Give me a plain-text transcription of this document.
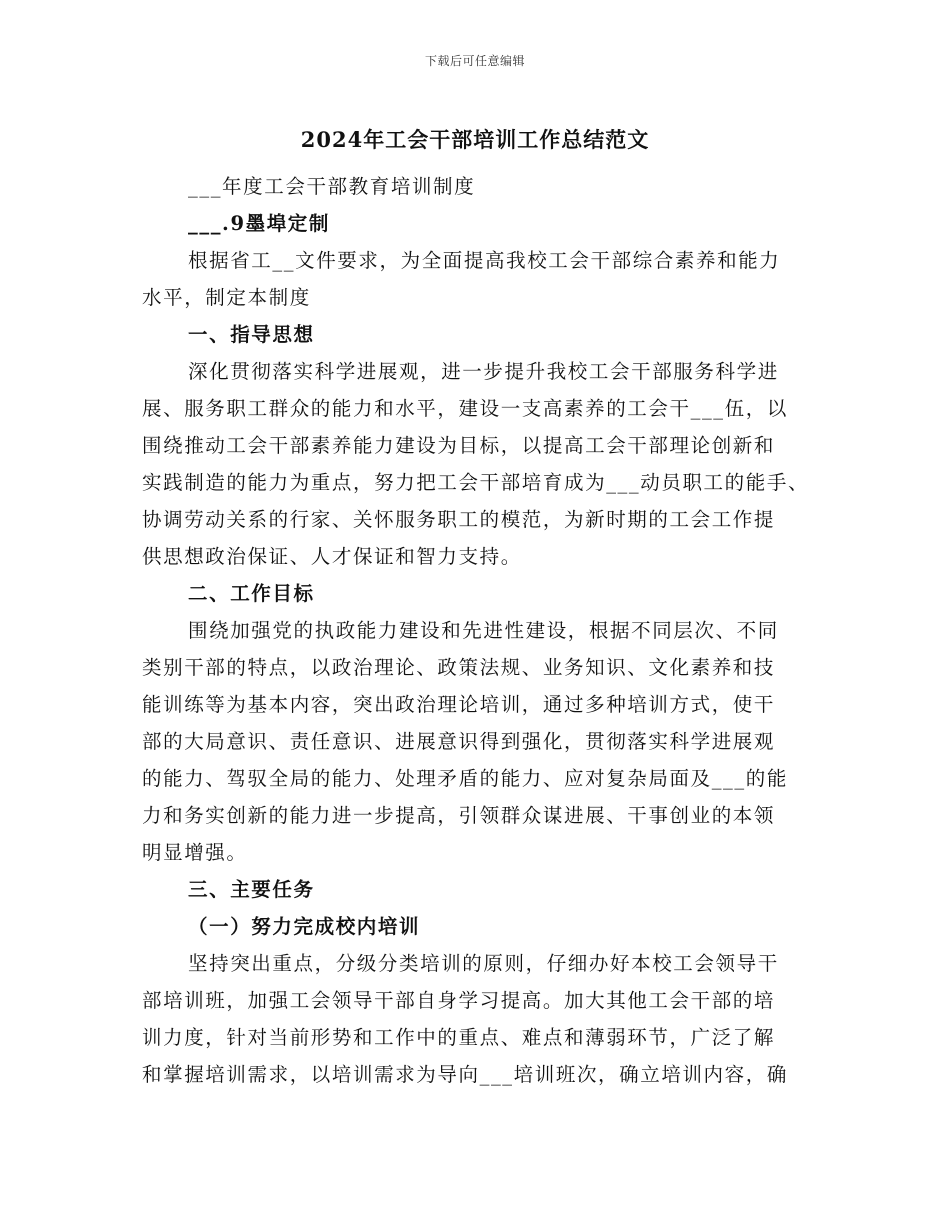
下载后可任意编辑
2024年工会干部培训工作总结范文
___年度工会干部教育培训制度
___.9墨埠定制
根据省工__文件要求，为全面提高我校工会干部综合素养和能力
水平，制定本制度
一、指导思想
深化贯彻落实科学进展观，进一步提升我校工会干部服务科学进
展、服务职工群众的能力和水平，建设一支高素养的工会干___伍，以
围绕推动工会干部素养能力建设为目标，以提高工会干部理论创新和
实践制造的能力为重点，努力把工会干部培育成为___动员职工的能手、
协调劳动关系的行家、关怀服务职工的模范，为新时期的工会工作提
供思想政治保证、人才保证和智力支持。
二、工作目标
围绕加强党的执政能力建设和先进性建设，根据不同层次、不同
类别干部的特点，以政治理论、政策法规、业务知识、文化素养和技
能训练等为基本内容，突出政治理论培训，通过多种培训方式，使干
部的大局意识、责任意识、进展意识得到强化，贯彻落实科学进展观
的能力、驾驭全局的能力、处理矛盾的能力、应对复杂局面及___的能
力和务实创新的能力进一步提高，引领群众谋进展、干事创业的本领
明显增强。
三、主要任务
（一）努力完成校内培训
坚持突出重点，分级分类培训的原则，仔细办好本校工会领导干
部培训班，加强工会领导干部自身学习提高。加大其他工会干部的培
训力度，针对当前形势和工作中的重点、难点和薄弱环节，广泛了解
和掌握培训需求，以培训需求为导向___培训班次，确立培训内容，确
